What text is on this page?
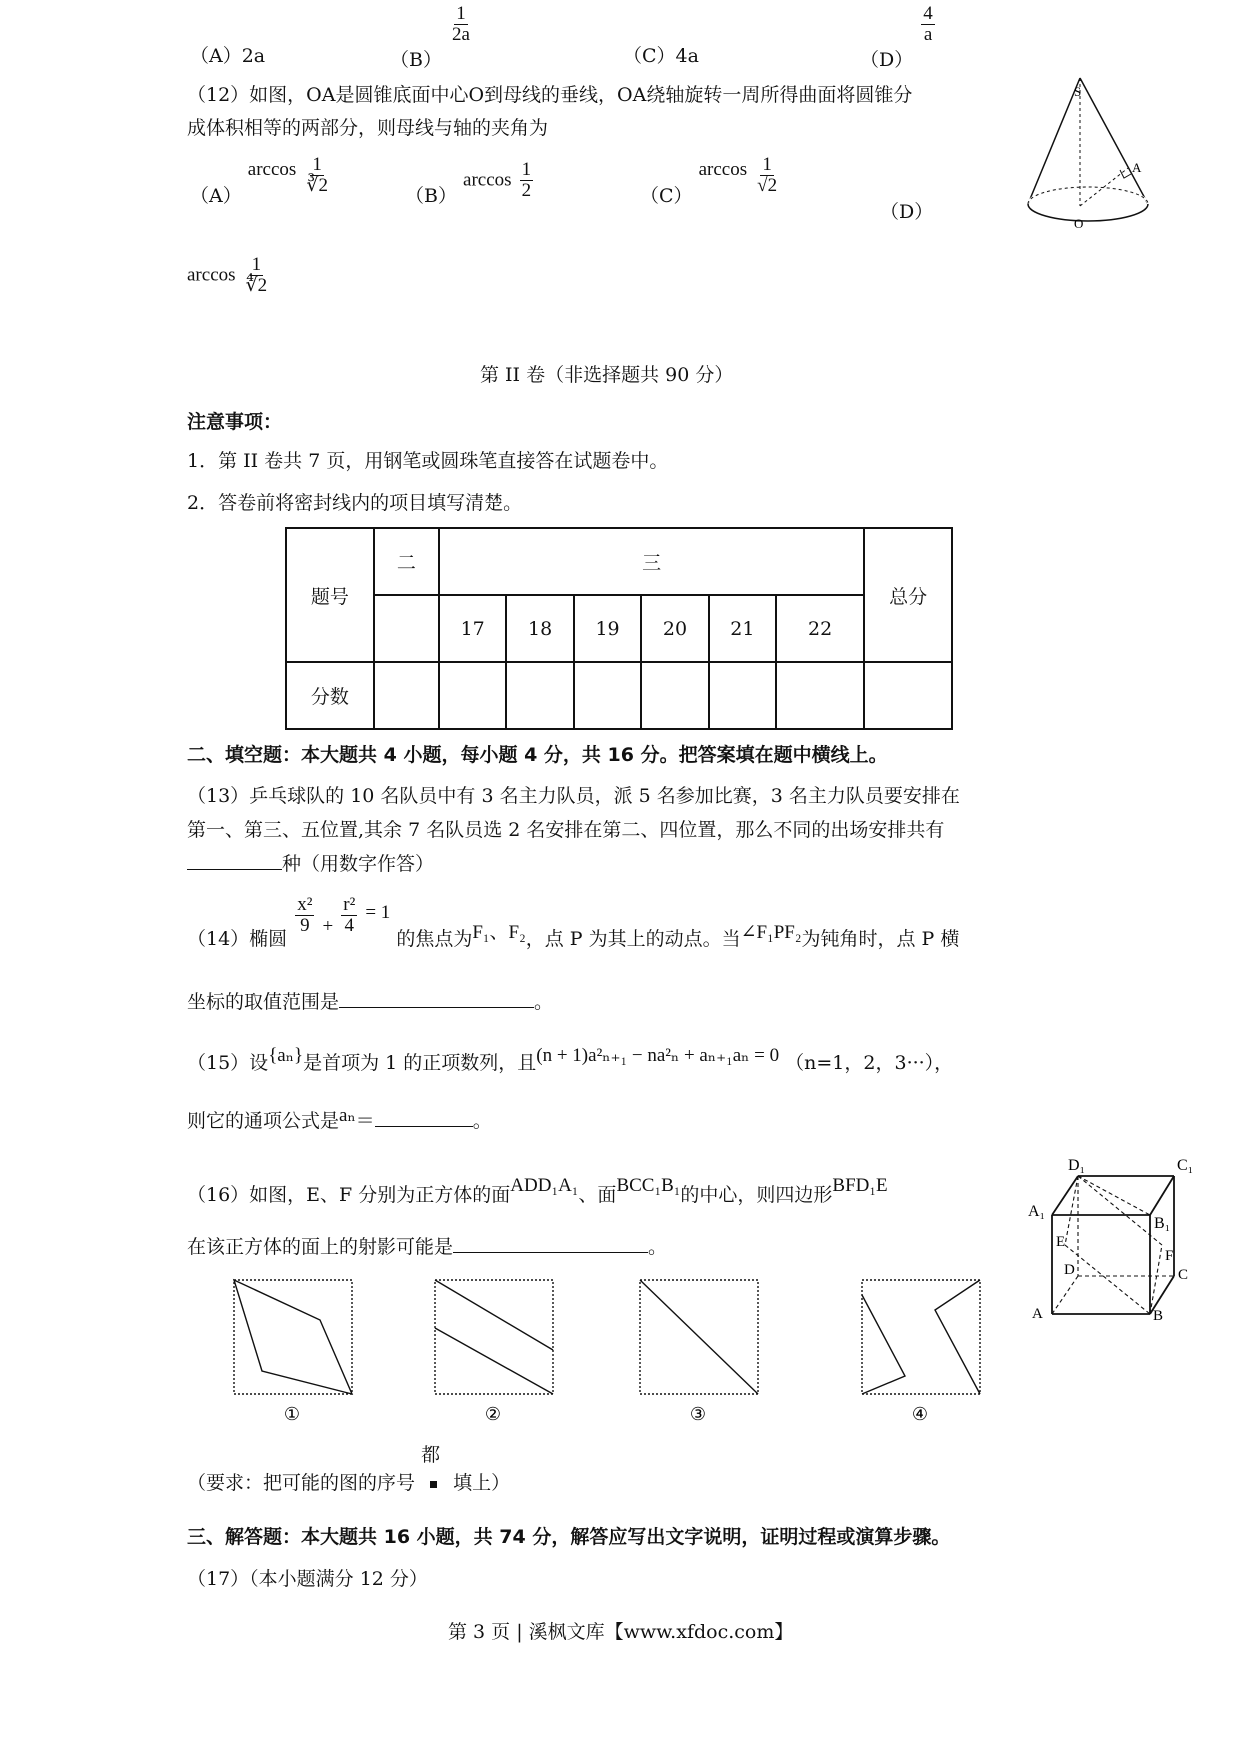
（A）2a	（B）
$\frac{1}{2a}$
（C）4a	（D）
$\frac{4}{a}$
（12）如图，OA是圆锥底面中心O到母线的垂线，OA绕轴旋转一周所得曲面将圆锥分
成体积相等的两部分，则母线与轴的夹角为
（A） $\arccos \frac{1}{∛2}$
（B） $\arccos \frac{1}{2}$	（C） $\arccos \frac{1}{√2}$
（D）
$\arccos \frac{1}{∜2}$
S
A
O
第 II 卷（非选择题共 90 分）
注意事项：
1．第 II 卷共 7 页，用钢笔或圆珠笔直接答在试题卷中。
2．答卷前将密封线内的项目填写清楚。
题号	二	三						总分
		17	18	19	20	21	22	
分数								
二、填空题：本大题共 4 小题，每小题 4 分，共 16 分。把答案填在题中横线上。
（13）乒乓球队的 10 名队员中有 3 名主力队员，派 5 名参加比赛，3 名主力队员要安排在
第一、第三、五位置,其余 7 名队员选 2 名安排在第二、四位置，那么不同的出场安排共有
种（用数字作答）
（14）椭圆
$\frac{\text{x²}}{9} + \frac{\text{r²}}{4} = 1$ 的焦点为F₁、F₂，点 P 为其上的动点。当∠F₁PF₂为钝角时，点 P 横
坐标的取值范围是	。
（15）设{aₙ}是首项为 1 的正项数列，且(n + 1)a²ₙ₊₁ − na²ₙ + aₙ₊₁aₙ = 0 （n=1，2，3···），
则它的通项公式是aₙ＝	。
（16）如图，E、F 分别为正方体的面ADD₁A₁、面BCC₁B₁的中心，则四边形BFD₁E
在该正方体的面上的射影可能是	。
D₁	C₁
A₁
B₁
E
D
F
C
A	B
①	②	③	④
（要求：把可能的图的序号
都
填上）
三、解答题：本大题共 16 小题，共 74 分，解答应写出文字说明，证明过程或演算步骤。
（17）（本小题满分 12 分）
第 3 页 | 溪枫文库【www.xfdoc.com】
